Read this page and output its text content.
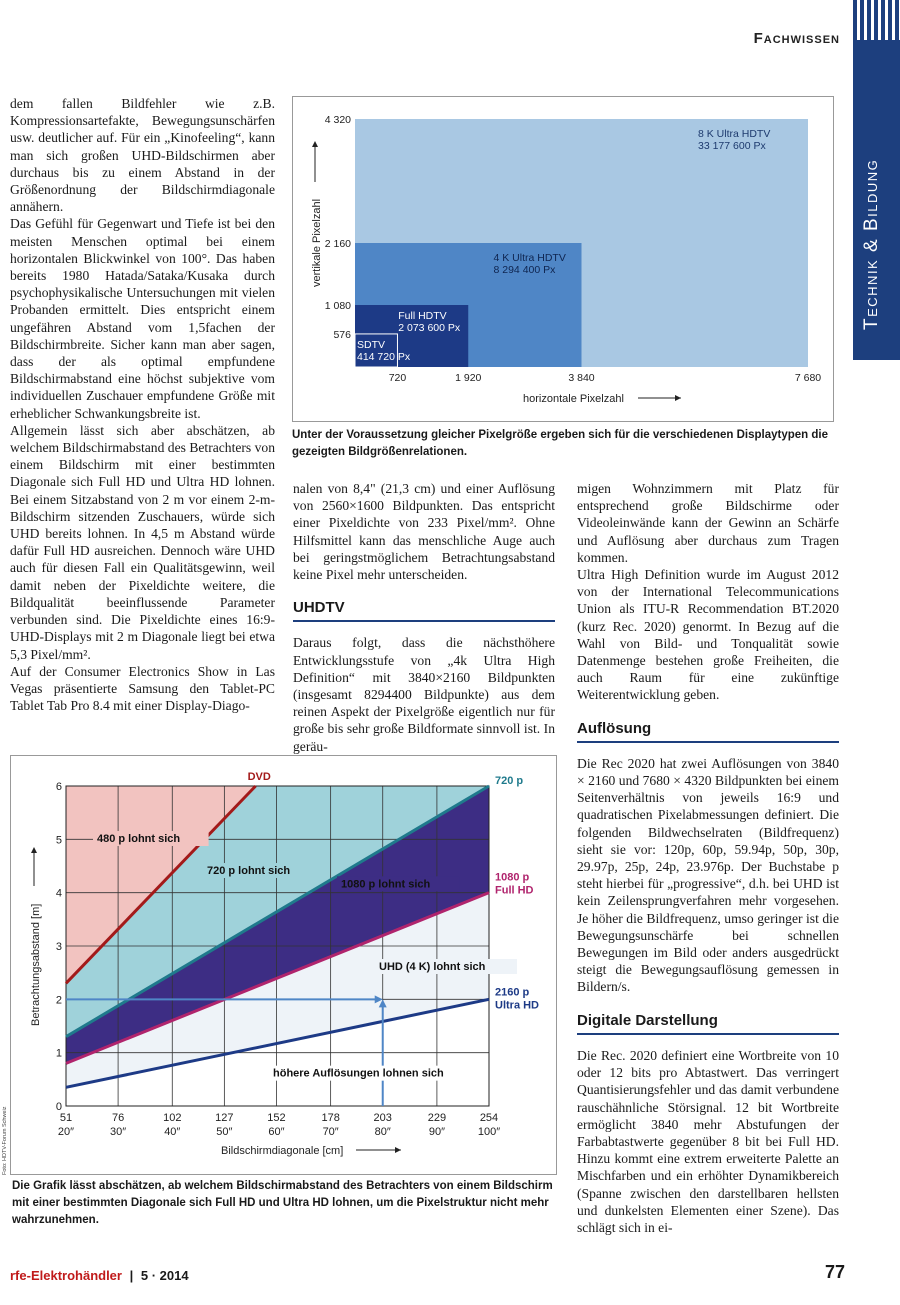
Fachwissen
Technik & Bildung

dem fallen Bildfehler wie z.B. Kompressionsartefakte, Bewegungsunschärfen usw. deutlicher auf. Für ein „Kinofeeling“, kann man sich großen UHD-Bildschirmen aber durchaus bis zu einem Abstand in der Größenordnung der Bildschirmdiagonale annähern.

Das Gefühl für Gegenwart und Tiefe ist bei den meisten Menschen optimal bei einem horizontalen Blickwinkel von 100°. Das haben bereits 1980 Hatada/Sataka/Kusaka durch psychophysikalische Untersuchungen mit vielen Probanden ermittelt. Dies entspricht einem ungefähren Abstand vom 1,5fachen der Bildschirmbreite. Sicher kann man aber sagen, dass der als optimal empfundene Bildschirmabstand eine höchst subjektive vom individuellen Zuschauer empfundene Größe mit erheblicher Schwankungsbreite ist.

Allgemein lässt sich aber abschätzen, ab welchem Bildschirmabstand des Betrachters von einem Bildschirm mit einer bestimmten Diagonale sich Full HD und Ultra HD lohnen. Bei einem Sitzabstand von 2 m vor einem 2-m-Bildschirm sitzenden Zuschauers, würde sich UHD bereits lohnen. In 4,5 m Abstand würde dafür Full HD ausreichen. Dennoch wäre UHD auch für diesen Fall ein Qualitätsgewinn, weil damit neben der Pixeldichte weitere, die Bildqualität beeinflussende Parameter verbunden sind. Die Pixeldichte eines 16:9-UHD-Displays mit 2 m Diagonale liegt bei etwa 5,3 Pixel/mm².

Auf der Consumer Electronics Show in Las Vegas präsentierte Samsung den Tablet-PC Tablet Tab Pro 8.4 mit einer Display-Diago-

8 K Ultra HDTV
33 177 600 Px
4 K Ultra HDTV
8 294 400 Px
Full HDTV
2 073 600 Px
SDTV
414 720 Px
720	1 920	3 840	7 680
576
1 080
2 160
4 320
horizontale Pixelzahl
vertikale Pixelzahl
Unter der Voraussetzung gleicher Pixelgröße ergeben sich für die verschiedenen Displaytypen die gezeigten Bildgrößenrelationen.

nalen von 8,4" (21,3 cm) und einer Auflösung von 2560×1600 Bildpunkten. Das entspricht einer Pixeldichte von 233 Pixel/mm². Ohne Hilfsmittel kann das menschliche Auge auch bei geringstmöglichem Betrachtungsabstand keine Pixel mehr unterscheiden.

UHDTV

Daraus folgt, dass die nächsthöhere Entwicklungsstufe von „4k Ultra High Definition“ mit 3840×2160 Bildpunkten (insgesamt 8294400 Bildpunkte) aus dem reinen Aspekt der Pixelgröße eigentlich nur für große bis sehr große Bildformate sinnvoll ist. In geräu-

migen Wohnzimmern mit Platz für entsprechend große Bildschirme oder Videoleinwände kann der Gewinn an Schärfe und Auflösung aber durchaus zum Tragen kommen.

Ultra High Definition wurde im August 2012 von der International Telecommunications Union als ITU-R Recommendation BT.2020 (kurz Rec. 2020) genormt. In Bezug auf die Wahl von Bild- und Tonqualität sowie Datenmenge bestehen große Freiheiten, die auch Raum für eine zukünftige Weiterentwicklung geben.

Auflösung

Die Rec 2020 hat zwei Auflösungen von 3840 × 2160 und 7680 × 4320 Bildpunkten bei einem Seitenverhältnis von jeweils 16:9 und quadratischen Pixelabmessungen definiert. Die folgenden Bildwechselraten (Bildfrequenz) sieht sie vor: 120p, 60p, 59.94p, 50p, 30p, 29.97p, 25p, 24p, 23.976p. Der Buchstabe p steht hierbei für „progressive“, d.h. bei UHD ist kein Zeilensprungverfahren mehr vorgesehen. Je höher die Bildfrequenz, umso geringer ist die Bewegungsunschärfe bei schnellen Bewegungen im Bild oder anders ausgedrückt steigt die Bewegungsauflösung gemessen in Bildern/s.

Digitale Darstellung

Die Rec. 2020 definiert eine Wortbreite von 10 oder 12 bits pro Abtastwert. Das verringert Quantisierungsfehler und das damit verbundene rauschähnliche Störsignal. 12 bit Wortbreite ermöglicht 3840 mehr Abstufungen der Farbabtastwerte gegenüber 8 bit bei Full HD. Hinzu kommt eine extrem erweiterte Palette an Mischfarben und ein erhöhter Dynamikbereich (Spanne zwischen den darstellbaren hellsten und dunkelsten Elementen einer Szene). Das schlägt sich in ei-

DVD	720 p
1080 p
Full HD
2160 p
Ultra HD
480 p lohnt sich
720 p lohnt sich
1080 p lohnt sich
UHD (4 K) lohnt sich
höhere Auflösungen lohnen sich
51
20″
76
30″
102
40″
127
50″
152
60″
178
70″
203
80″
229
90″
254
100″
0
1
2
3
4
5
6
Bildschirmdiagonale [cm]
Betrachtungsabstand [m]
Foto: HDTV-Forum Schweiz
Die Grafik lässt abschätzen, ab welchem Bildschirmabstand des Betrachters von einem Bildschirm mit einer bestimmten Diagonale sich Full HD und Ultra HD lohnen, um die Pixelstruktur nicht mehr wahrzunehmen.
rfe-Elektrohändler | 5 · 2014	77
